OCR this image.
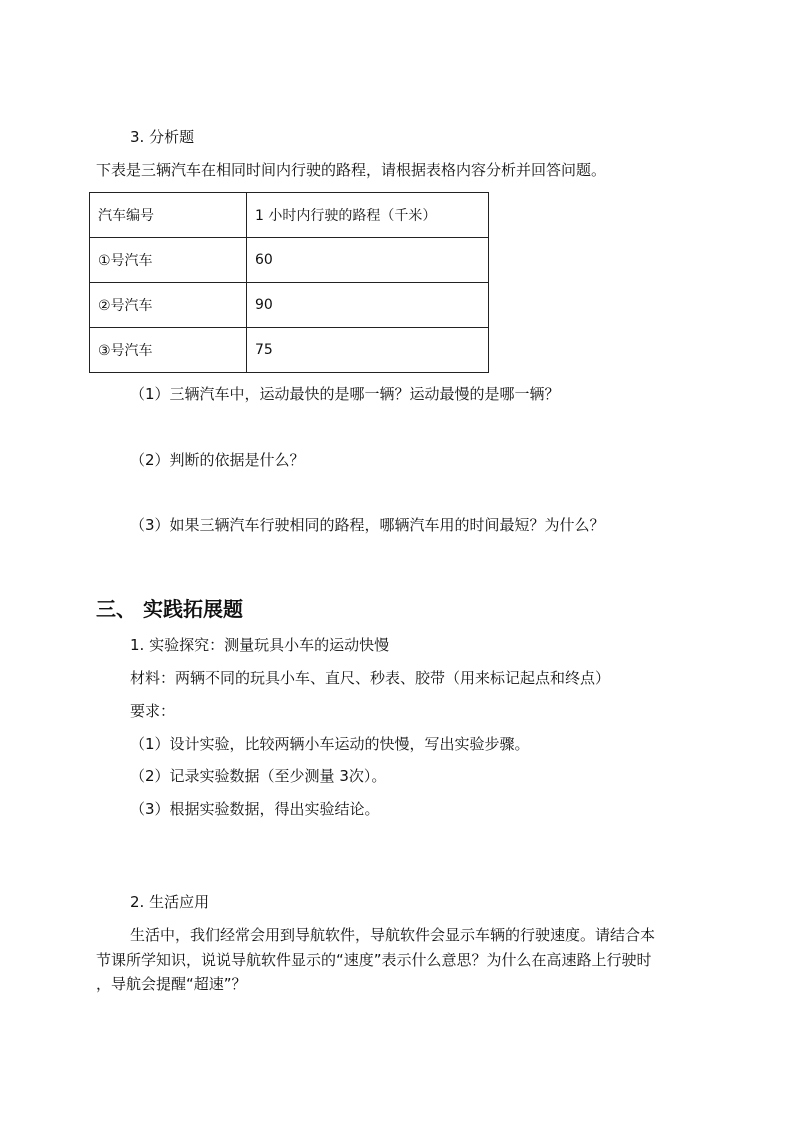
3. 分析题
下表是三辆汽车在相同时间内行驶的路程，请根据表格内容分析并回答问题。
汽车编号	1 小时内行驶的路程（千米）
①号汽车	60
②号汽车	90
③号汽车	75
（1）三辆汽车中，运动最快的是哪一辆？运动最慢的是哪一辆？
（2）判断的依据是什么？
（3）如果三辆汽车行驶相同的路程，哪辆汽车用的时间最短？为什么？
三、 实践拓展题
1. 实验探究：测量玩具小车的运动快慢
材料：两辆不同的玩具小车、直尺、秒表、胶带（用来标记起点和终点）
要求：
（1）设计实验，比较两辆小车运动的快慢，写出实验步骤。
（2）记录实验数据（至少测量 3次）。
（3）根据实验数据，得出实验结论。
2. 生活应用
生活中，我们经常会用到导航软件，导航软件会显示车辆的行驶速度。请结合本
节课所学知识，说说导航软件显示的“速度”表示什么意思？为什么在高速路上行驶时
，导航会提醒“超速”？
